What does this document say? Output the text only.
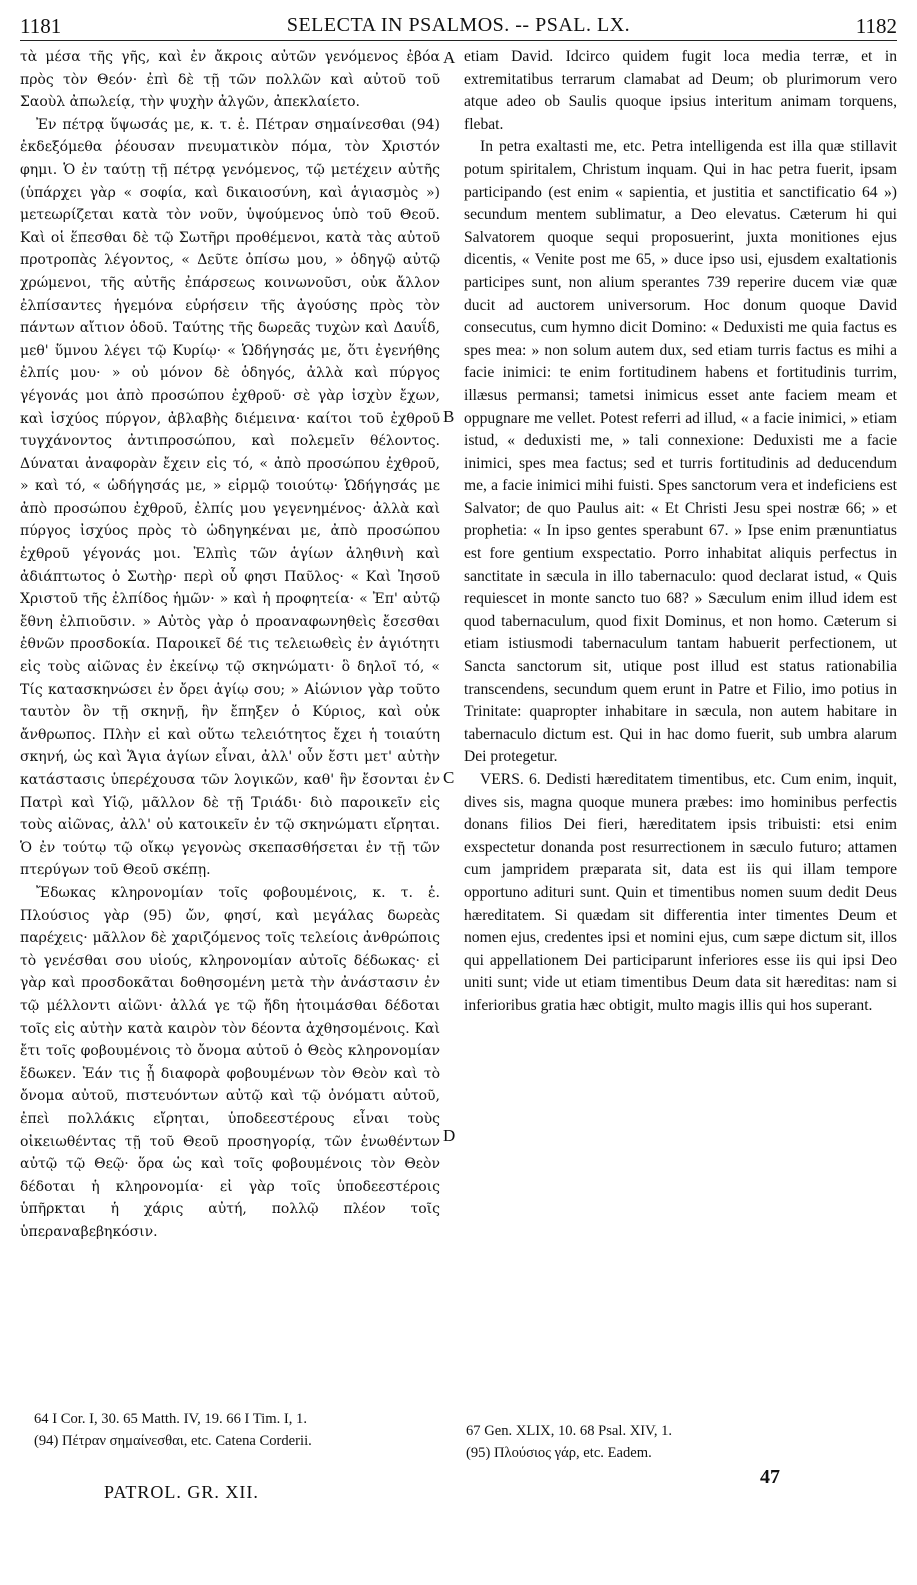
1181	SELECTA IN PSALMOS. -- PSAL. LX.	1182

τὰ μέσα τῆς γῆς, καὶ ἐν ἄκροις αὐτῶν γενόμενος ἐβόα πρὸς τὸν Θεόν· ἐπὶ δὲ τῇ τῶν πολλῶν καὶ αὐτοῦ τοῦ Σαοὺλ ἀπωλείᾳ, τὴν ψυχὴν ἀλγῶν, ἀπεκλαίετο.

Ἐν πέτρᾳ ὕψωσάς με, κ. τ. ἑ. Πέτραν σημαίνεσθαι (94) ἐκδεξόμεθα ῥέουσαν πνευματικὸν πόμα, τὸν Χριστόν φημι. Ὁ ἐν ταύτῃ τῇ πέτρᾳ γενόμενος, τῷ μετέχειν αὐτῆς (ὑπάρχει γὰρ « σοφία, καὶ δικαιοσύνη, καὶ ἁγιασμὸς ») μετεωρίζεται κατὰ τὸν νοῦν, ὑψούμενος ὑπὸ τοῦ Θεοῦ. Καὶ οἱ ἕπεσθαι δὲ τῷ Σωτῆρι προθέμενοι, κατὰ τὰς αὐτοῦ προτροπὰς λέγοντος, « Δεῦτε ὀπίσω μου, » ὁδηγῷ αὐτῷ χρώμενοι, τῆς αὐτῆς ἐπάρσεως κοινωνοῦσι, οὐκ ἄλλον ἐλπίσαντες ἡγεμόνα εὑρήσειν τῆς ἀγούσης πρὸς τὸν πάντων αἴτιον ὁδοῦ. Ταύτης τῆς δωρεᾶς τυχὼν καὶ Δαυΐδ, μεθ' ὕμνου λέγει τῷ Κυρίῳ· « Ὡδήγησάς με, ὅτι ἐγενήθης ἐλπίς μου· » οὐ μόνον δὲ ὁδηγός, ἀλλὰ καὶ πύργος γέγονάς μοι ἀπὸ προσώπου ἐχθροῦ· σὲ γὰρ ἰσχὺν ἔχων, καὶ ἰσχύος πύργον, ἀβλαβὴς διέμεινα· καίτοι τοῦ ἐχθροῦ τυγχάνοντος ἀντιπροσώπου, καὶ πολεμεῖν θέλοντος. Δύναται ἀναφορὰν ἔχειν εἰς τό, « ἀπὸ προσώπου ἐχθροῦ, » καὶ τό, « ὡδήγησάς με, » εἱρμῷ τοιούτῳ· Ὡδήγησάς με ἀπὸ προσώπου ἐχθροῦ, ἐλπίς μου γεγενημένος· ἀλλὰ καὶ πύργος ἰσχύος πρὸς τὸ ὡδηγηκέναι με, ἀπὸ προσώπου ἐχθροῦ γέγονάς μοι. Ἐλπὶς τῶν ἁγίων ἀληθινὴ καὶ ἀδιάπτωτος ὁ Σωτὴρ· περὶ οὗ φησι Παῦλος· « Καὶ Ἰησοῦ Χριστοῦ τῆς ἐλπίδος ἡμῶν· » καὶ ἡ προφητεία· « Ἐπ' αὐτῷ ἔθνη ἐλπιοῦσιν. » Αὐτὸς γὰρ ὁ προαναφωνηθεὶς ἔσεσθαι ἐθνῶν προσδοκία. Παροικεῖ δέ τις τελειωθεὶς ἐν ἁγιότητι εἰς τοὺς αἰῶνας ἐν ἐκείνῳ τῷ σκηνώματι· ὃ δηλοῖ τό, « Τίς κατασκηνώσει ἐν ὄρει ἁγίῳ σου; » Αἰώνιον γὰρ τοῦτο ταυτὸν ὂν τῇ σκηνῇ, ἣν ἔπηξεν ὁ Κύριος, καὶ οὐκ ἄνθρωπος. Πλὴν εἰ καὶ οὕτω τελειότητος ἔχει ἡ τοιαύτη σκηνή, ὡς καὶ Ἅγια ἁγίων εἶναι, ἀλλ' οὖν ἔστι μετ' αὐτὴν κατάστασις ὑπερέχουσα τῶν λογικῶν, καθ' ἣν ἔσονται ἐν Πατρὶ καὶ Υἱῷ, μᾶλλον δὲ τῇ Τριάδι· διὸ παροικεῖν εἰς τοὺς αἰῶνας, ἀλλ' οὐ κατοικεῖν ἐν τῷ σκηνώματι εἴρηται. Ὁ ἐν τούτῳ τῷ οἴκῳ γεγονὼς σκεπασθήσεται ἐν τῇ τῶν πτερύγων τοῦ Θεοῦ σκέπῃ.

Ἔδωκας κληρονομίαν τοῖς φοβουμένοις, κ. τ. ἑ. Πλούσιος γὰρ (95) ὤν, φησί, καὶ μεγάλας δωρεὰς παρέχεις· μᾶλλον δὲ χαριζόμενος τοῖς τελείοις ἀνθρώποις τὸ γενέσθαι σου υἱούς, κληρονομίαν αὐτοῖς δέδωκας· εἰ γὰρ καὶ προσδοκᾶται δοθησομένη μετὰ τὴν ἀνάστασιν ἐν τῷ μέλλοντι αἰῶνι· ἀλλά γε τῷ ἤδη ἡτοιμάσθαι δέδοται τοῖς εἰς αὐτὴν κατὰ καιρὸν τὸν δέοντα ἀχθησομένοις. Καὶ ἔτι τοῖς φοβουμένοις τὸ ὄνομα αὐτοῦ ὁ Θεὸς κληρονομίαν ἔδωκεν. Ἐάν τις ᾖ διαφορὰ φοβουμένων τὸν Θεὸν καὶ τὸ ὄνομα αὐτοῦ, πιστευόντων αὐτῷ καὶ τῷ ὀνόματι αὐτοῦ, ἐπεὶ πολλάκις εἴρηται, ὑποδεεστέρους εἶναι τοὺς οἰκειωθέντας τῇ τοῦ Θεοῦ προσηγορίᾳ, τῶν ἑνωθέντων αὐτῷ τῷ Θεῷ· ὅρα ὡς καὶ τοῖς φοβουμένοις τὸν Θεὸν δέδοται ἡ κληρονομία· εἰ γὰρ τοῖς ὑποδεεστέροις ὑπῆρκται ἡ χάρις αὐτή, πολλῷ πλέον τοῖς ὑπεραναβεβηκόσιν.

A
B
C
D

etiam David. Idcirco quidem fugit loca media terræ, et in extremitatibus terrarum clamabat ad Deum; ob plurimorum vero atque adeo ob Saulis quoque ipsius interitum animam torquens, flebat.

In petra exaltasti me, etc. Petra intelligenda est illa quæ stillavit potum spiritalem, Christum inquam. Qui in hac petra fuerit, ipsam participando (est enim « sapientia, et justitia et sanctificatio 64 ») secundum mentem sublimatur, a Deo elevatus. Cæterum hi qui Salvatorem quoque sequi proposuerint, juxta monitiones ejus dicentis, « Venite post me 65, » duce ipso usi, ejusdem exaltationis participes sunt, non alium sperantes 739 reperire ducem viæ quæ ducit ad auctorem universorum. Hoc donum quoque David consecutus, cum hymno dicit Domino: « Deduxisti me quia factus es spes mea: » non solum autem dux, sed etiam turris factus es mihi a facie inimici: te enim fortitudinem habens et fortitudinis turrim, illæsus permansi; tametsi inimicus esset ante faciem meam et oppugnare me vellet. Potest referri ad illud, « a facie inimici, » etiam istud, « deduxisti me, » tali connexione: Deduxisti me a facie inimici, spes mea factus; sed et turris fortitudinis ad deducendum me, a facie inimici mihi fuisti. Spes sanctorum vera et indeficiens est Salvator; de quo Paulus ait: « Et Christi Jesu spei nostræ 66; » et prophetia: « In ipso gentes sperabunt 67. » Ipse enim prænuntiatus est fore gentium exspectatio. Porro inhabitat aliquis perfectus in sanctitate in sæcula in illo tabernaculo: quod declarat istud, « Quis requiescet in monte sancto tuo 68? » Sæculum enim illud idem est quod tabernaculum, quod fixit Dominus, et non homo. Cæterum si etiam istiusmodi tabernaculum tantam habuerit perfectionem, ut Sancta sanctorum sit, utique post illud est status rationabilia transcendens, secundum quem erunt in Patre et Filio, imo potius in Trinitate: quapropter inhabitare in sæcula, non autem habitare in tabernaculo dictum est. Qui in hac domo fuerit, sub umbra alarum Dei protegetur.

VERS. 6. Dedisti hæreditatem timentibus, etc. Cum enim, inquit, dives sis, magna quoque munera præbes: imo hominibus perfectis donans filios Dei fieri, hæreditatem ipsis tribuisti: etsi enim exspectetur donanda post resurrectionem in sæculo futuro; attamen cum jampridem præparata sit, data est iis qui illam tempore opportuno adituri sunt. Quin et timentibus nomen suum dedit Deus hæreditatem. Si quædam sit differentia inter timentes Deum et nomen ejus, credentes ipsi et nomini ejus, cum sæpe dictum sit, illos qui appellationem Dei participarunt inferiores esse iis qui ipsi Deo uniti sunt; vide ut etiam timentibus Deum data sit hæreditas: nam si inferioribus gratia hæc obtigit, multo magis illis qui hos superant.

64 I Cor. I, 30. 65 Matth. IV, 19. 66 I Tim. I, 1.
(94) Πέτραν σημαίνεσθαι, etc. Catena Corderii.
67 Gen. XLIX, 10. 68 Psal. XIV, 1.
(95) Πλούσιος γάρ, etc. Eadem.
PATROL. GR. XII.
47
